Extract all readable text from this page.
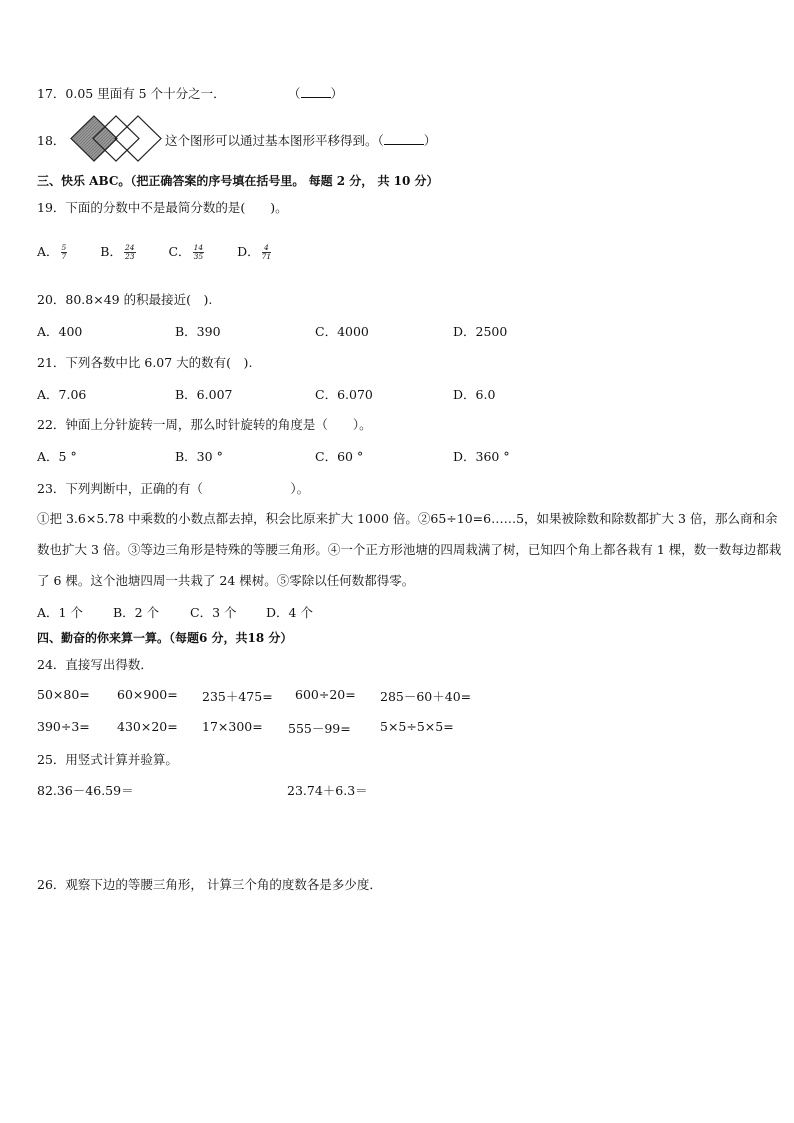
17．0.05 里面有 5 个十分之一．	（ ）
18．	这个图形可以通过基本图形平移得到。（	）
三、快乐 ABC。（把正确答案的序号填在括号里。 每题 2 分， 共 10 分）
19．下面的分数中不是最简分数的是(　　)。
A． $\frac{5}{7}$	B． $\frac{24}{23}$	C． $\frac{14}{35}$	D． $\frac{4}{71}$
20．80.8×49 的积最接近(　).
A．400	B．390	C．4000	D．2500
21．下列各数中比 6.07 大的数有(　).
A．7.06	B．6.007	C．6.070	D．6.0
22．钟面上分针旋转一周，那么时针旋转的角度是（　　）。
A．5 °	B．30 °	C．60 °	D．360 °
23．下列判断中，正确的有（　　　　　　　）。
①把 3.6×5.78 中乘数的小数点都去掉，积会比原来扩大 1000 倍。②65÷10=6……5，如果被除数和除数都扩大 3 倍，那么商和余数也扩大 3 倍。③等边三角形是特殊的等腰三角形。④一个正方形池塘的四周栽满了树，已知四个角上都各栽有 1 棵，数一数每边都栽了 6 棵。这个池塘四周一共栽了 24 棵树。⑤零除以任何数都得零。
A．1 个 B．2 个 C．3 个 D．4 个
四、勤奋的你来算一算。（每题6 分，共18 分）
24．直接写出得数．
50×80= 60×900= 235＋475= 600÷20= 285－60＋40=
390÷3= 430×20= 17×300= 555－99= 5×5÷5×5=
25．用竖式计算并验算。
82.36－46.59＝	23.74＋6.3＝
26．观察下边的等腰三角形， 计算三个角的度数各是多少度．
